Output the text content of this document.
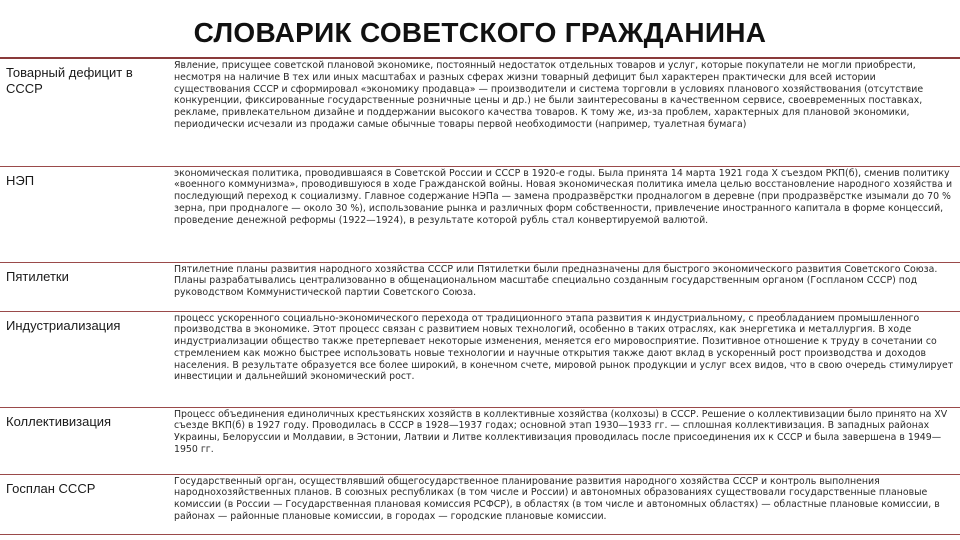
СЛОВАРИК СОВЕТСКОГО ГРАЖДАНИНА
Товарный дефицит в СССР	Явление, присущее советской плановой экономике, постоянный недостаток отдельных товаров и услуг, которые покупатели не могли приобрести, несмотря на наличие В тех или иных масштабах и разных сферах жизни товарный дефицит был характерен практически для всей истории существования СССР и сформировал «экономику продавца» — производители и система торговли в условиях планового хозяйствования (отсутствие конкуренции, фиксированные государственные розничные цены и др.) не были заинтересованы в качественном сервисе, своевременных поставках, рекламе, привлекательном дизайне и поддержании высокого качества товаров. К тому же, из-за проблем, характерных для плановой экономики, периодически исчезали из продажи самые обычные товары первой необходимости (например, туалетная бумага)

НЭП	экономическая политика, проводившаяся в Советской России и СССР в 1920-е годы. Была принята 14 марта 1921 года X съездом РКП(б), сменив политику «военного коммунизма», проводившуюся в ходе Гражданской войны. Новая экономическая политика имела целью восстановление народного хозяйства и последующий переход к социализму. Главное содержание НЭПа — замена продразвёрстки продналогом в деревне (при продразвёрстке изымали до 70 % зерна, при продналоге — около 30 %), использование рынка и различных форм собственности, привлечение иностранного капитала в форме концессий, проведение денежной реформы (1922—1924), в результате которой рубль стал конвертируемой валютой.

Пятилетки	Пятилетние планы развития народного хозяйства СССР или Пятилетки были предназначены для быстрого экономического развития Советского Союза. Планы разрабатывались централизованно в общенациональном масштабе специально созданным государственным органом (Госпланом СССР) под руководством Коммунистической партии Советского Союза.

Индустриализация	процесс ускоренного социально-экономического перехода от традиционного этапа развития к индустриальному, с преобладанием промышленного производства в экономике. Этот процесс связан с развитием новых технологий, особенно в таких отраслях, как энергетика и металлургия. В ходе индустриализации общество также претерпевает некоторые изменения, меняется его мировосприятие. Позитивное отношение к труду в сочетании со стремлением как можно быстрее использовать новые технологии и научные открытия также дают вклад в ускоренный рост производства и доходов населения. В результате образуется все более широкий, в конечном счете, мировой рынок продукции и услуг всех видов, что в свою очередь стимулирует инвестиции и дальнейший экономический рост.

Коллективизация	Процесс объединения единоличных крестьянских хозяйств в коллективные хозяйства (колхозы) в СССР. Решение о коллективизации было принято на XV съезде ВКП(б) в 1927 году. Проводилась в СССР в 1928—1937 годах; основной этап 1930—1933 гг. — сплошная коллективизация. В западных районах Украины, Белоруссии и Молдавии, в Эстонии, Латвии и Литве коллективизация проводилась после присоединения их к СССР и была завершена в 1949—1950 гг.

Госплан СССР	Государственный орган, осуществлявший общегосударственное планирование развития народного хозяйства СССР и контроль выполнения народнохозяйственных планов. В союзных республиках (в том числе и России) и автономных образованиях существовали государственные плановые комиссии (в России — Государственная плановая комиссия РСФСР), в областях (в том числе и автономных областях) — областные плановые комиссии, в районах — районные плановые комиссии, в городах — городские плановые комиссии.
